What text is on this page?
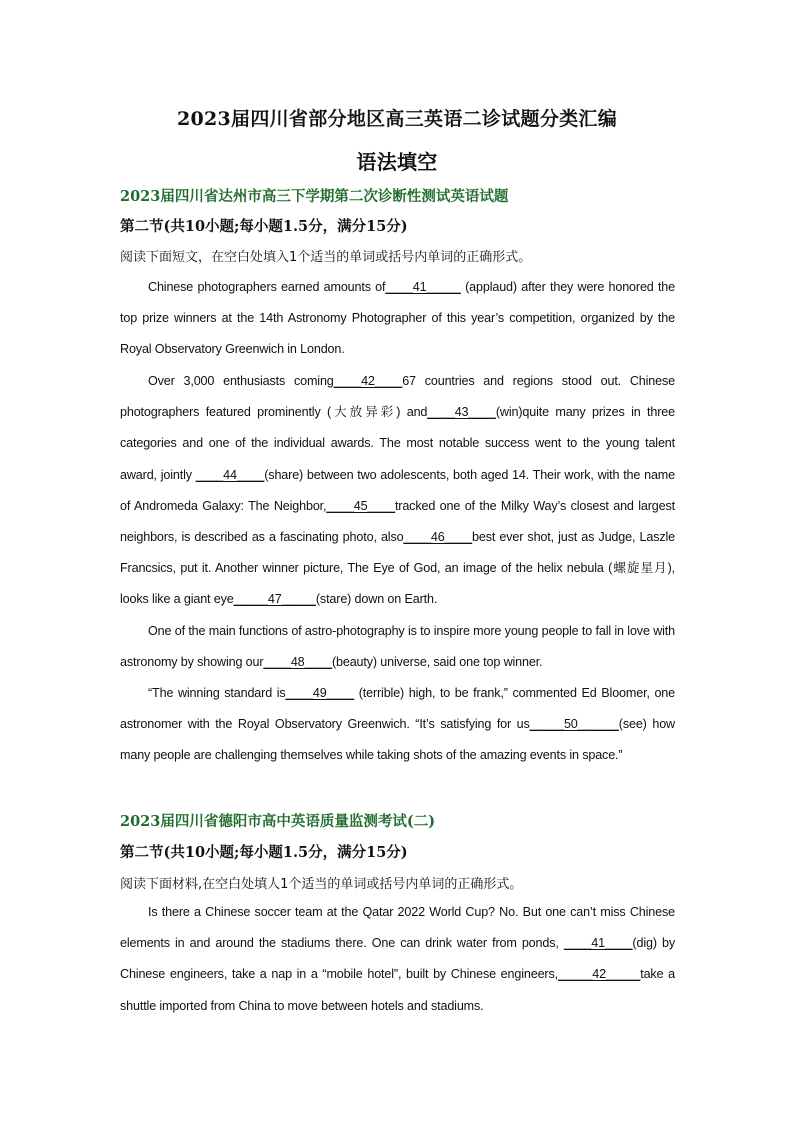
2023届四川省部分地区高三英语二诊试题分类汇编
语法填空
2023届四川省达州市高三下学期第二次诊断性测试英语试题
第二节(共10小题;每小题1.5分，满分15分)
阅读下面短文，在空白处填入1个适当的单词或括号内单词的正确形式。
Chinese photographers earned amounts of____41_____ (applaud) after they were honored the top prize winners at the 14th Astronomy Photographer of this year’s competition, organized by the Royal Observatory Greenwich in London.
Over 3,000 enthusiasts coming____42____67 countries and regions stood out. Chinese photographers featured prominently (大放异彩) and____43____(win)quite many prizes in three categories and one of the individual awards. The most notable success went to the young talent award, jointly ____44____(share) between two adolescents, both aged 14. Their work, with the name of Andromeda Galaxy: The Neighbor,____45____tracked one of the Milky Way’s closest and largest neighbors, is described as a fascinating photo, also____46____best ever shot, just as Judge, Laszle Francsics, put it. Another winner picture, The Eye of God, an image of the helix nebula (螺旋星月), looks like a giant eye_____47_____(stare) down on Earth.
One of the main functions of astro-photography is to inspire more young people to fall in love with astronomy by showing our____48____(beauty) universe, said one top winner.
“The winning standard is____49____ (terrible) high, to be frank,” commented Ed Bloomer, one astronomer with the Royal Observatory Greenwich. “It’s satisfying for us_____50______(see) how many people are challenging themselves while taking shots of the amazing events in space.”
2023届四川省德阳市高中英语质量监测考试(二)
第二节(共10小题;每小题1.5分，满分15分)
阅读下面材料,在空白处填人1个适当的单词或括号内单词的正确形式。
Is there a Chinese soccer team at the Qatar 2022 World Cup? No. But one can’t miss Chinese elements in and around the stadiums there. One can drink water from ponds, ____41____(dig) by Chinese engineers, take a nap in a “mobile hotel”, built by Chinese engineers,_____42_____take a shuttle imported from China to move between hotels and stadiums.
